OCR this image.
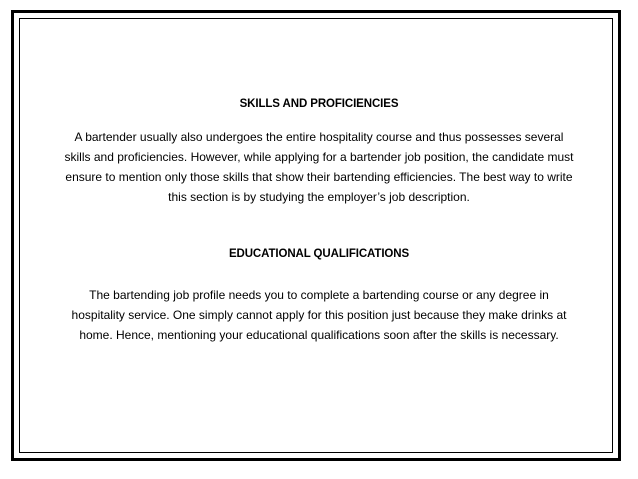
SKILLS AND PROFICIENCIES

A bartender usually also undergoes the entire hospitality course and thus possesses several skills and proficiencies. However, while applying for a bartender job position, the candidate must ensure to mention only those skills that show their bartending efficiencies. The best way to write this section is by studying the employer’s job description.

EDUCATIONAL QUALIFICATIONS

The bartending job profile needs you to complete a bartending course or any degree in hospitality service. One simply cannot apply for this position just because they make drinks at home. Hence, mentioning your educational qualifications soon after the skills is necessary.
